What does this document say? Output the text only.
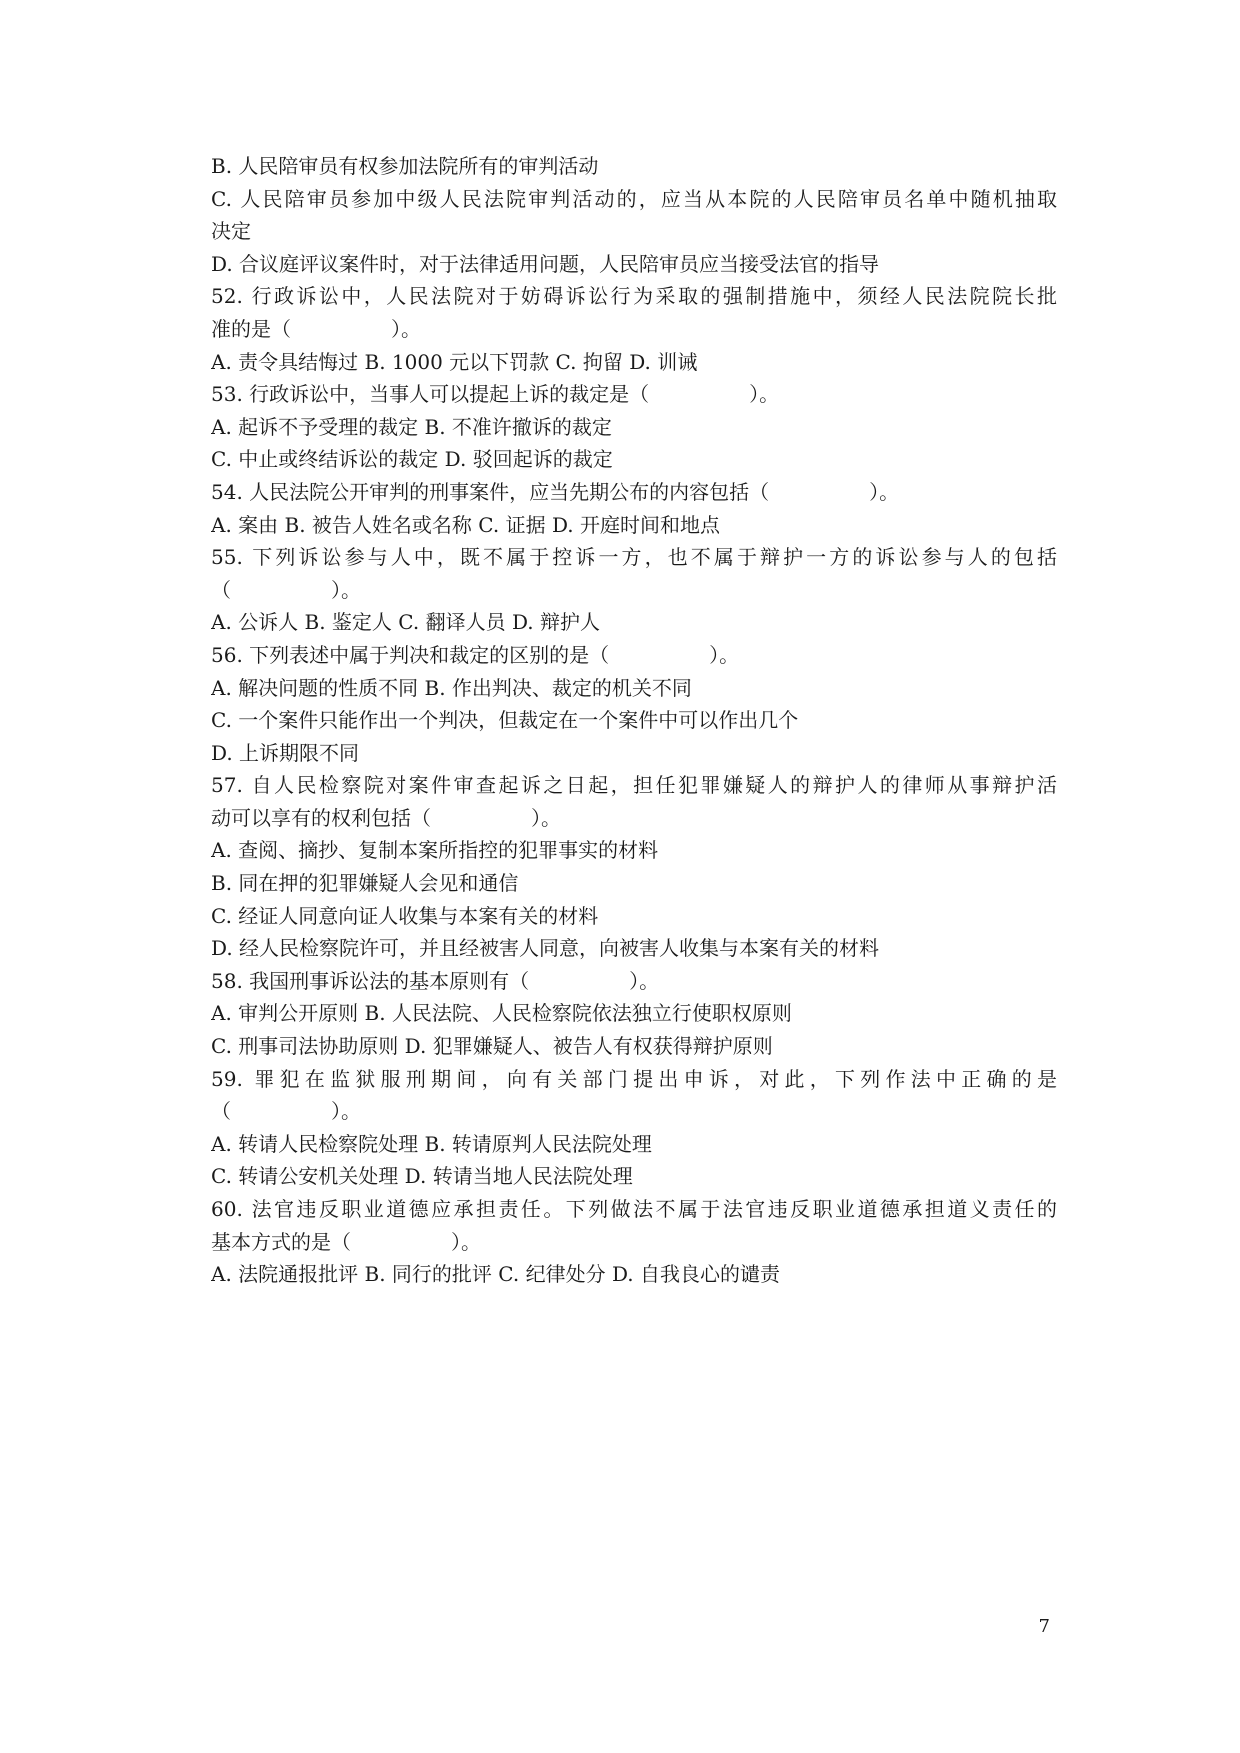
B. 人民陪审员有权参加法院所有的审判活动
C. 人民陪审员参加中级人民法院审判活动的，应当从本院的人民陪审员名单中随机抽取
决定
D. 合议庭评议案件时，对于法律适用问题，人民陪审员应当接受法官的指导
52. 行政诉讼中，人民法院对于妨碍诉讼行为采取的强制措施中，须经人民法院院长批
准的是（　　　　　）。
A. 责令具结悔过 B. 1000 元以下罚款 C. 拘留 D. 训诫
53. 行政诉讼中，当事人可以提起上诉的裁定是（　　　　　）。
A. 起诉不予受理的裁定 B. 不准许撤诉的裁定
C. 中止或终结诉讼的裁定 D. 驳回起诉的裁定
54. 人民法院公开审判的刑事案件，应当先期公布的内容包括（　　　　　）。
A. 案由 B. 被告人姓名或名称 C. 证据 D. 开庭时间和地点
55. 下列诉讼参与人中，既不属于控诉一方，也不属于辩护一方的诉讼参与人的包括
（　　　　　）。
A. 公诉人 B. 鉴定人 C. 翻译人员 D. 辩护人
56. 下列表述中属于判决和裁定的区别的是（　　　　　）。
A. 解决问题的性质不同 B. 作出判决、裁定的机关不同
C. 一个案件只能作出一个判决，但裁定在一个案件中可以作出几个
D. 上诉期限不同
57. 自人民检察院对案件审查起诉之日起，担任犯罪嫌疑人的辩护人的律师从事辩护活
动可以享有的权利包括（　　　　　）。
A. 查阅、摘抄、复制本案所指控的犯罪事实的材料
B. 同在押的犯罪嫌疑人会见和通信
C. 经证人同意向证人收集与本案有关的材料
D. 经人民检察院许可，并且经被害人同意，向被害人收集与本案有关的材料
58. 我国刑事诉讼法的基本原则有（　　　　　）。
A. 审判公开原则 B. 人民法院、人民检察院依法独立行使职权原则
C. 刑事司法协助原则 D. 犯罪嫌疑人、被告人有权获得辩护原则
59. 罪犯在监狱服刑期间，向有关部门提出申诉，对此，下列作法中正确的是
（　　　　　）。
A. 转请人民检察院处理 B. 转请原判人民法院处理
C. 转请公安机关处理 D. 转请当地人民法院处理
60. 法官违反职业道德应承担责任。下列做法不属于法官违反职业道德承担道义责任的
基本方式的是（　　　　　）。
A. 法院通报批评 B. 同行的批评 C. 纪律处分 D. 自我良心的谴责
7
